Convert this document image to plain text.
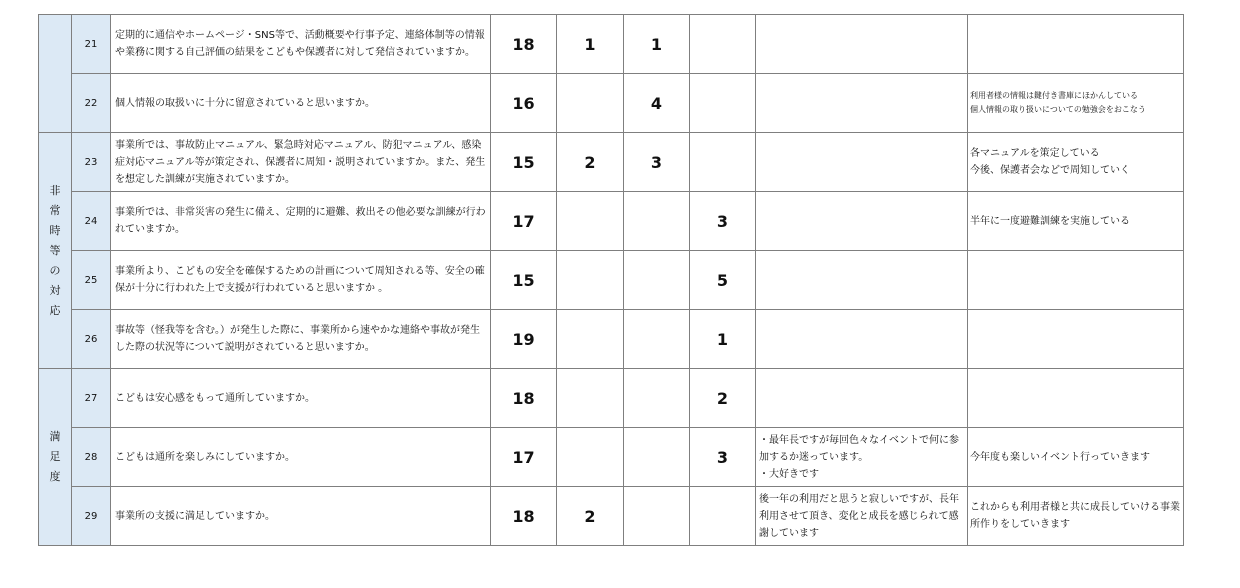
	21	定期的に通信やホームページ・SNS等で、活動概要や行事予定、連絡体制等の情報や業務に関する自己評価の結果をこどもや保護者に対して発信されていますか。	18	1	1			
	22	個人情報の取扱いに十分に留意されていると思いますか。	16		4			利用者様の情報は鍵付き書庫にほかんしている
個人情報の取り扱いについての勉強会をおこなう
非常時等の対応	23	事業所では、事故防止マニュアル、緊急時対応マニュアル、防犯マニュアル、感染症対応マニュアル等が策定され、保護者に周知・説明されていますか。また、発生を想定した訓練が実施されていますか。	15	2	3			各マニュアルを策定している
今後、保護者会などで周知していく
	24	事業所では、非常災害の発生に備え、定期的に避難、救出その他必要な訓練が行われていますか。	17			3		半年に一度避難訓練を実施している
	25	事業所より、こどもの安全を確保するための計画について周知される等、安全の確保が十分に行われた上で支援が行われていると思いますか 。	15			5		
	26	事故等（怪我等を含む。）が発生した際に、事業所から速やかな連絡や事故が発生した際の状況等について説明がされていると思いますか。	19			1		
満足度	27	こどもは安心感をもって通所していますか。	18			2		
	28	こどもは通所を楽しみにしていますか。	17			3	・最年長ですが毎回色々なイベントで何に参加するか迷っています。
・大好きです	今年度も楽しいイベント行っていきます
	29	事業所の支援に満足していますか。	18	2			後一年の利用だと思うと寂しいですが、長年利用させて頂き、変化と成長を感じられて感謝しています	これからも利用者様と共に成長していける事業所作りをしていきます
